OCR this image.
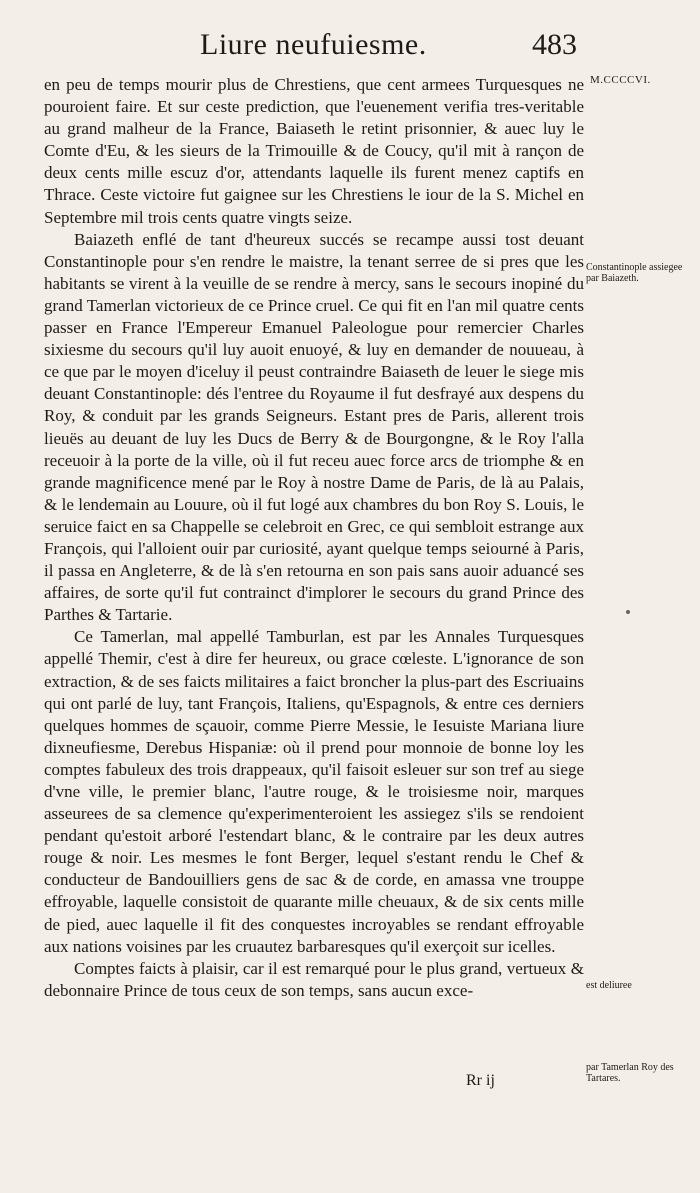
Liure neufuiesme.	483
M.CCCCVI.

en peu de temps mourir plus de Chrestiens, que cent armees Turquesques ne pouroient faire. Et sur ceste prediction, que l'euenement verifia tres-veritable au grand malheur de la France, Baiaseth le retint prisonnier, & auec luy le Comte d'Eu, & les sieurs de la Trimouille & de Coucy, qu'il mit à rançon de deux cents mille escuz d'or, attendants laquelle ils furent menez captifs en Thrace. Ceste victoire fut gaignee sur les Chrestiens le iour de la S. Michel en Septembre mil trois cents quatre vingts seize.

Baiazeth enflé de tant d'heureux succés se recampe aussi tost deuant Constantinople pour s'en rendre le maistre, la tenant serree de si pres que les habitants se virent à la veuille de se rendre à mercy, sans le secours inopiné du grand Tamerlan victorieux de ce Prince cruel. Ce qui fit en l'an mil quatre cents passer en France l'Empereur Emanuel Paleologue pour remercier Charles sixiesme du secours qu'il luy auoit enuoyé, & luy en demander de nouueau, à ce que par le moyen d'iceluy il peust contraindre Baiaseth de leuer le siege mis deuant Constantinople: dés l'entree du Royaume il fut desfrayé aux despens du Roy, & conduit par les grands Seigneurs. Estant pres de Paris, allerent trois lieuës au deuant de luy les Ducs de Berry & de Bourgongne, & le Roy l'alla receuoir à la porte de la ville, où il fut receu auec force arcs de triomphe & en grande magnificence mené par le Roy à nostre Dame de Paris, de là au Palais, & le lendemain au Louure, où il fut logé aux chambres du bon Roy S. Louis, le seruice faict en sa Chappelle se celebroit en Grec, ce qui sembloit estrange aux François, qui l'alloient ouir par curiosité, ayant quelque temps seiourné à Paris, il passa en Angleterre, & de là s'en retourna en son pais sans auoir aduancé ses affaires, de sorte qu'il fut contrainct d'implorer le secours du grand Prince des Parthes & Tartarie.

Ce Tamerlan, mal appellé Tamburlan, est par les Annales Turquesques appellé Themir, c'est à dire fer heureux, ou grace cœleste. L'ignorance de son extraction, & de ses faicts militaires a faict broncher la plus-part des Escriuains qui ont parlé de luy, tant François, Italiens, qu'Espagnols, & entre ces derniers quelques hommes de sçauoir, comme Pierre Messie, le Iesuiste Mariana liure dixneufiesme, Derebus Hispaniæ: où il prend pour monnoie de bonne loy les comptes fabuleux des trois drappeaux, qu'il faisoit esleuer sur son tref au siege d'vne ville, le premier blanc, l'autre rouge, & le troisiesme noir, marques asseurees de sa clemence qu'experimenteroient les assiegez s'ils se rendoient pendant qu'estoit arboré l'estendart blanc, & le contraire par les deux autres rouge & noir. Les mesmes le font Berger, lequel s'estant rendu le Chef & conducteur de Bandouilliers gens de sac & de corde, en amassa vne trouppe effroyable, laquelle consistoit de quarante mille cheuaux, & de six cents mille de pied, auec laquelle il fit des conquestes incroyables se rendant effroyable aux nations voisines par les cruautez barbaresques qu'il exerçoit sur icelles.

Comptes faicts à plaisir, car il est remarqué pour le plus grand, vertueux & debonnaire Prince de tous ceux de son temps, sans aucun exce-

Constantinople assiegee par Baiazeth.
est deliuree
par Tamerlan Roy des Tartares.
Rr ij
